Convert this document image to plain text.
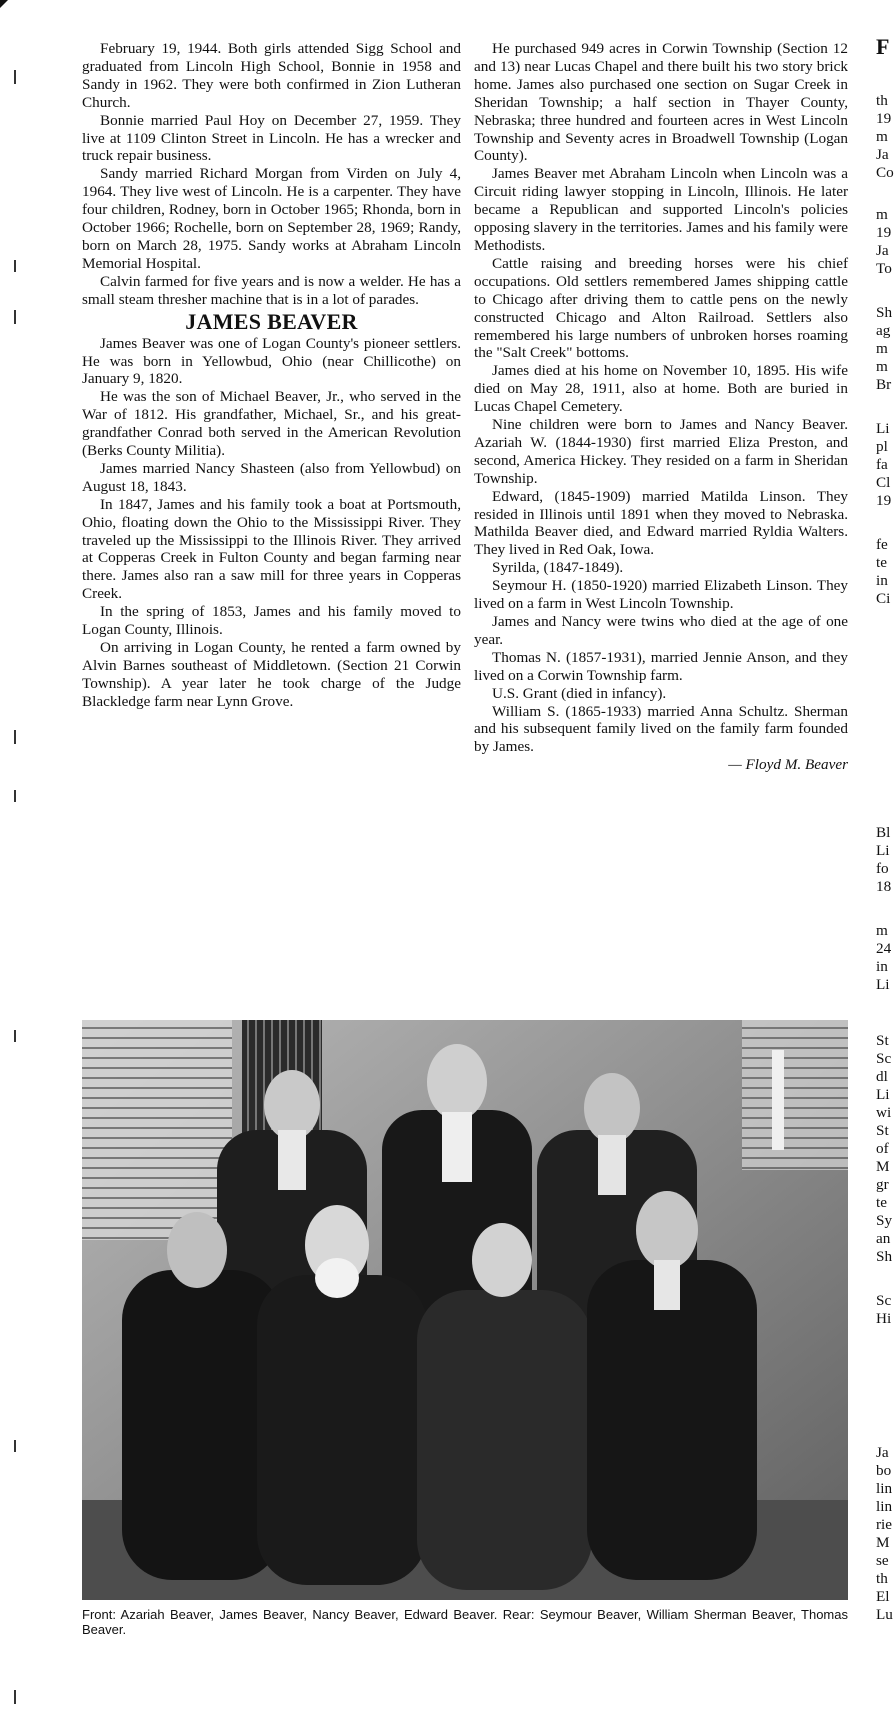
February 19, 1944. Both girls attended Sigg School and graduated from Lincoln High School, Bonnie in 1958 and Sandy in 1962. They were both confirmed in Zion Lutheran Church.

Bonnie married Paul Hoy on December 27, 1959. They live at 1109 Clinton Street in Lincoln. He has a wrecker and truck repair business.

Sandy married Richard Morgan from Virden on July 4, 1964. They live west of Lincoln. He is a carpenter. They have four children, Rodney, born in October 1965; Rhonda, born in October 1966; Rochelle, born on September 28, 1969; Randy, born on March 28, 1975. Sandy works at Abraham Lincoln Memorial Hospital.

Calvin farmed for five years and is now a welder. He has a small steam thresher machine that is in a lot of parades.

JAMES BEAVER

James Beaver was one of Logan County's pioneer settlers. He was born in Yellowbud, Ohio (near Chillicothe) on January 9, 1820.

He was the son of Michael Beaver, Jr., who served in the War of 1812. His grandfather, Michael, Sr., and his great-grandfather Conrad both served in the American Revolution (Berks County Militia).

James married Nancy Shasteen (also from Yellowbud) on August 18, 1843.

In 1847, James and his family took a boat at Portsmouth, Ohio, floating down the Ohio to the Mississippi River. They traveled up the Mississippi to the Illinois River. They arrived at Copperas Creek in Fulton County and began farming near there. James also ran a saw mill for three years in Copperas Creek.

In the spring of 1853, James and his family moved to Logan County, Illinois.

On arriving in Logan County, he rented a farm owned by Alvin Barnes southeast of Middletown. (Section 21 Corwin Township). A year later he took charge of the Judge Blackledge farm near Lynn Grove.

He purchased 949 acres in Corwin Township (Section 12 and 13) near Lucas Chapel and there built his two story brick home. James also purchased one section on Sugar Creek in Sheridan Township; a half section in Thayer County, Nebraska; three hundred and fourteen acres in West Lincoln Township and Seventy acres in Broadwell Township (Logan County).

James Beaver met Abraham Lincoln when Lincoln was a Circuit riding lawyer stopping in Lincoln, Illinois. He later became a Republican and supported Lincoln's policies opposing slavery in the territories. James and his family were Methodists.

Cattle raising and breeding horses were his chief occupations. Old settlers remembered James shipping cattle to Chicago after driving them to cattle pens on the newly constructed Chicago and Alton Railroad. Settlers also remembered his large numbers of unbroken horses roaming the "Salt Creek" bottoms.

James died at his home on November 10, 1895. His wife died on May 28, 1911, also at home. Both are buried in Lucas Chapel Cemetery.

Nine children were born to James and Nancy Beaver. Azariah W. (1844-1930) first married Eliza Preston, and second, America Hickey. They resided on a farm in Sheridan Township.

Edward, (1845-1909) married Matilda Linson. They resided in Illinois until 1891 when they moved to Nebraska. Mathilda Beaver died, and Edward married Ryldia Walters. They lived in Red Oak, Iowa.

Syrilda, (1847-1849).

Seymour H. (1850-1920) married Elizabeth Linson. They lived on a farm in West Lincoln Township.

James and Nancy were twins who died at the age of one year.

Thomas N. (1857-1931), married Jennie Anson, and they lived on a Corwin Township farm.

U.S. Grant (died in infancy).

William S. (1865-1933) married Anna Schultz. Sherman and his subsequent family lived on the family farm founded by James.

— Floyd M. Beaver

F
th
19
m
Ja
Co
m
19
Ja
To
Sh
ag
m
m
Br
Li
pl
fa
Cl
19
fe
te
in
Ci
Bl
Li
fo
18
m
24
in
Li
St
Sc
dl
Li
wi
St
of
M
gr
te
Sy
an
Sh
Sc
Hi
Ja
bo
lin
lin
rie
M
se
th
El
Lu
Front: Azariah Beaver, James Beaver, Nancy Beaver, Edward Beaver. Rear: Seymour Beaver, William Sherman Beaver, Thomas Beaver.
